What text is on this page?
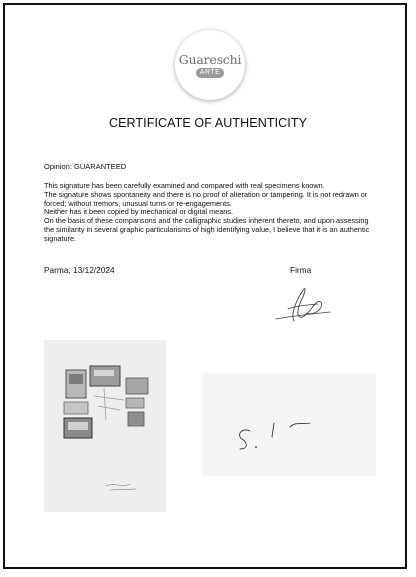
Guareschi
ARTE
CERTIFICATE OF AUTHENTICITY
Opinion: GUARANTEED

This signature has been carefully examined and compared with real specimens known.

The signature shows spontaneity and there is no proof of alteration or tampering. It is not redrawn or forced; without tremors, unusual turns or re-engagements.

Neither has it been copied by mechanical or digital means.

On the basis of these comparisons and the calligraphic studies inherent thereto, and upon assessing the similarity in several graphic particularisms of high identifying value, I believe that it is an authentic signature.

Parma, 13/12/2024	Firma
